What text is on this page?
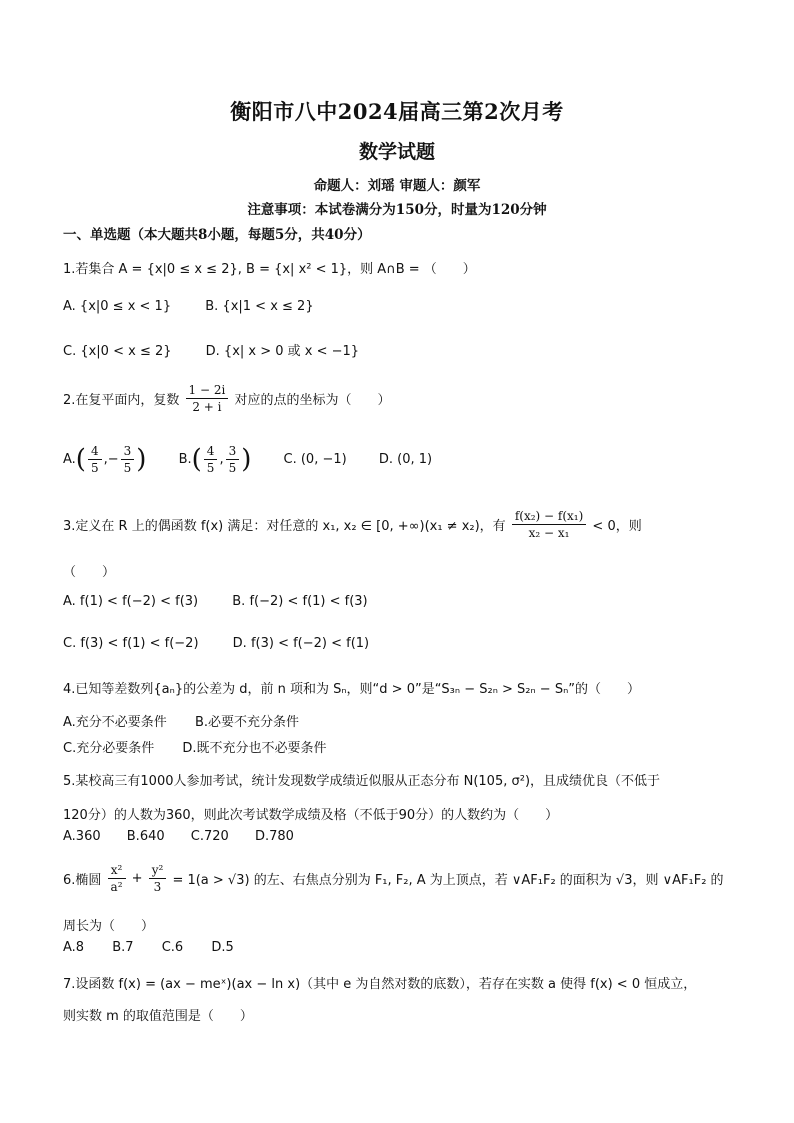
衡阳市八中2024届高三第2次月考
数学试题
命题人：刘瑶 审题人：颜军
注意事项：本试卷满分为150分，时量为120分钟
一、单选题（本大题共8小题，每题5分，共40分）
1.若集合 A = {x|0 ≤ x ≤ 2}, B = {x| x² < 1}，则 A∩B = （　　）
A. {x|0 ≤ x < 1}	B. {x|1 < x ≤ 2}
C. {x|0 < x ≤ 2}	D. {x| x > 0 或 x < −1}
2.在复平面内，复数 $\frac{1 - 2i}{2 + i}$ 对应的点的坐标为（　　）
$A.( \frac{4}{5}$ ,− $\frac{3}{5}$ ) $B.( \frac{4}{5}$ , $\frac{3}{5}$ ) C. (0, −1) D. (0, 1)
3.定义在 R 上的偶函数 f(x) 满足：对任意的 x₁, x₂ ∈ [0, +∞)(x₁ ≠ x₂)，有 $\frac{\text{f(x₂) − f(x₁)}}{\text{x₂ − x₁}} < 0$，则
（　　）
A. f(1) < f(−2) < f(3)	B. f(−2) < f(1) < f(3)
C. f(3) < f(1) < f(−2)	D. f(3) < f(−2) < f(1)
4.已知等差数列{aₙ}的公差为 d，前 n 项和为 Sₙ，则“d > 0”是“S₃ₙ − S₂ₙ > S₂ₙ − Sₙ”的（　　）
A.充分不必要条件 B.必要不充分条件
C.充分必要条件 D.既不充分也不必要条件
5.某校高三有1000人参加考试，统计发现数学成绩近似服从正态分布 N(105, σ²)，且成绩优良（不低于
120分）的人数为360，则此次考试数学成绩及格（不低于90分）的人数约为（　　）
A.360 B.640 C.720 D.780
6.椭圆 $\frac{\text{x²}}{\text{a²}} + \frac{\text{y²}}{3} = 1(a > √3)$ 的左、右焦点分别为 F₁, F₂, A 为上顶点，若 ∨AF₁F₂ 的面积为 √3，则 ∨AF₁F₂ 的
周长为（　　）
A.8 B.7 C.6 D.5
7.设函数 f(x) = (ax − meˣ)(ax − ln x)（其中 e 为自然对数的底数），若存在实数 a 使得 f(x) < 0 恒成立，
则实数 m 的取值范围是（　　）
